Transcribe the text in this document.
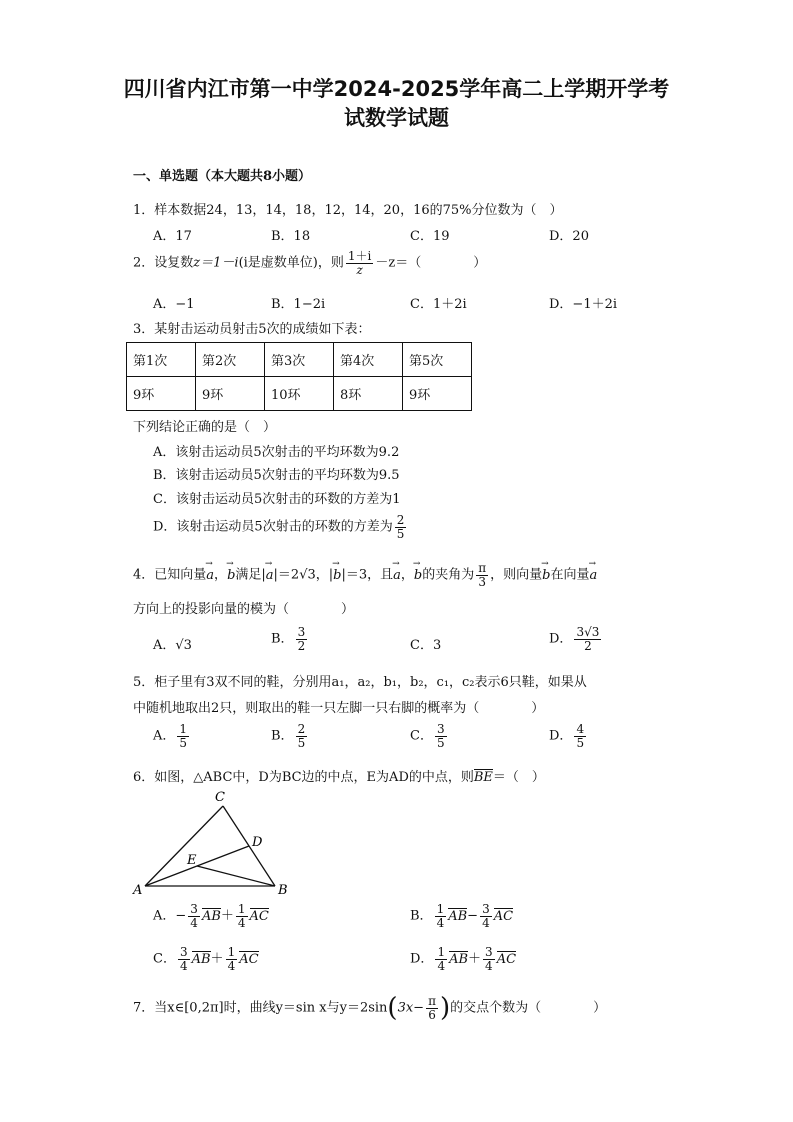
四川省内江市第一中学2024-2025学年高二上学期开学考
试数学试题
一、单选题（本大题共8小题）
1．样本数据24，13，14，18，12，14，20，16的75%分位数为（　）
A．17	B．18	C．19	D．20
2．设复数z＝1－i(i是虚数单位)，则 $\frac{1+i}{z} -z=$（　　　　）
A．−1	B．1−2i	C．1＋2i	D．−1＋2i
3．某射击运动员射击5次的成绩如下表：
第1次	第2次	第3次	第4次	第5次
9环	9环	10环	8环	9环
下列结论正确的是（　）
A．该射击运动员5次射击的平均环数为9.2
B．该射击运动员5次射击的平均环数为9.5
C．该射击运动员5次射击的环数的方差为1
D．该射击运动员5次射击的环数的方差为 $\frac{2}{5}$
4．已知向量→ a，→ b满足|→ a|＝2√3，|→ b|＝3，且→ a，→ b的夹角为 $\frac{\pi}{3}$ ，则向量→ b在向量→ a
方向上的投影向量的模为（　　　　）
A．√3	B． $\frac{3}{2}$	C．3	D． $\frac{3√3}{2}$
5．柜子里有3双不同的鞋，分别用a₁，a₂，b₁，b₂，c₁，c₂表示6只鞋，如果从
中随机地取出2只，则取出的鞋一只左脚一只右脚的概率为（　　　　）
A． $\frac{1}{5}$	B． $\frac{2}{5}$	C． $\frac{3}{5}$	D． $\frac{4}{5}$
6．如图，△ABC中，D为BC边的中点，E为AD的中点，则BE＝（　）
C
D
E
A	B
A．− $\frac{3}{4} AB+ \frac{1}{4}$ AC	B． $\frac{1}{4} AB- \frac{3}{4}$ AC
C． $\frac{3}{4} AB+ \frac{1}{4}$ AC	D． $\frac{1}{4} AB+ \frac{3}{4}$ AC
7．当x∈[0,2π]时，曲线y＝sin x与$y=2\sin(3x- \frac{\pi}{6}$ )的交点个数为（　　　　）
